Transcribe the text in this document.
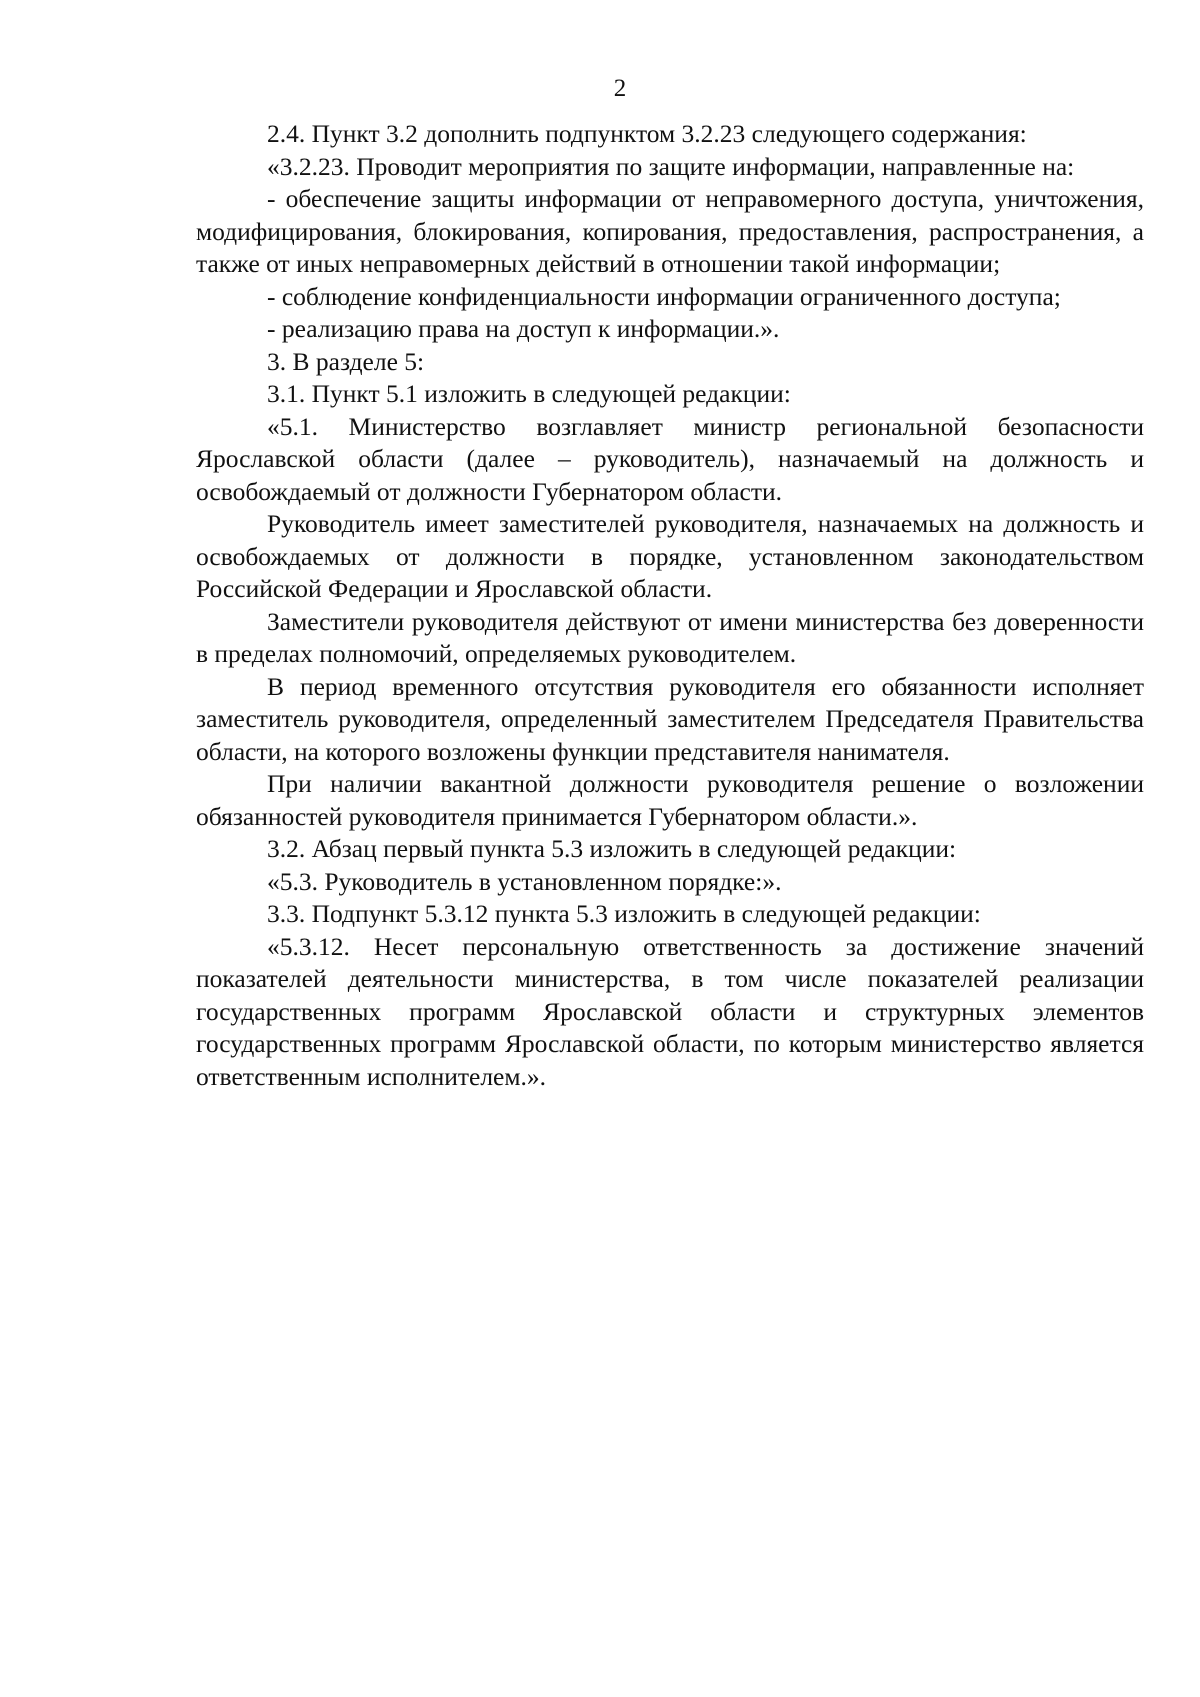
2

2.4. Пункт 3.2 дополнить подпунктом 3.2.23 следующего содержания:

«3.2.23. Проводит мероприятия по защите информации, направленные на:

- обеспечение защиты информации от неправомерного доступа, уничтожения, модифицирования, блокирования, копирования, предоставления, распространения, а также от иных неправомерных действий в отношении такой информации;

- соблюдение конфиденциальности информации ограниченного доступа;

- реализацию права на доступ к информации.».

3. В разделе 5:

3.1. Пункт 5.1 изложить в следующей редакции:

«5.1. Министерство возглавляет министр региональной безопасности Ярославской области (далее – руководитель), назначаемый на должность и освобождаемый от должности Губернатором области.

Руководитель имеет заместителей руководителя, назначаемых на должность и освобождаемых от должности в порядке, установленном законодательством Российской Федерации и Ярославской области.

Заместители руководителя действуют от имени министерства без доверенности в пределах полномочий, определяемых руководителем.

В период временного отсутствия руководителя его обязанности исполняет заместитель руководителя, определенный заместителем Председателя Правительства области, на которого возложены функции представителя нанимателя.

При наличии вакантной должности руководителя решение о возложении обязанностей руководителя принимается Губернатором области.».

3.2. Абзац первый пункта 5.3 изложить в следующей редакции:

«5.3. Руководитель в установленном порядке:».

3.3. Подпункт 5.3.12 пункта 5.3 изложить в следующей редакции:

«5.3.12. Несет персональную ответственность за достижение значений показателей деятельности министерства, в том числе показателей реализации государственных программ Ярославской области и структурных элементов государственных программ Ярославской области, по которым министерство является ответственным исполнителем.».
